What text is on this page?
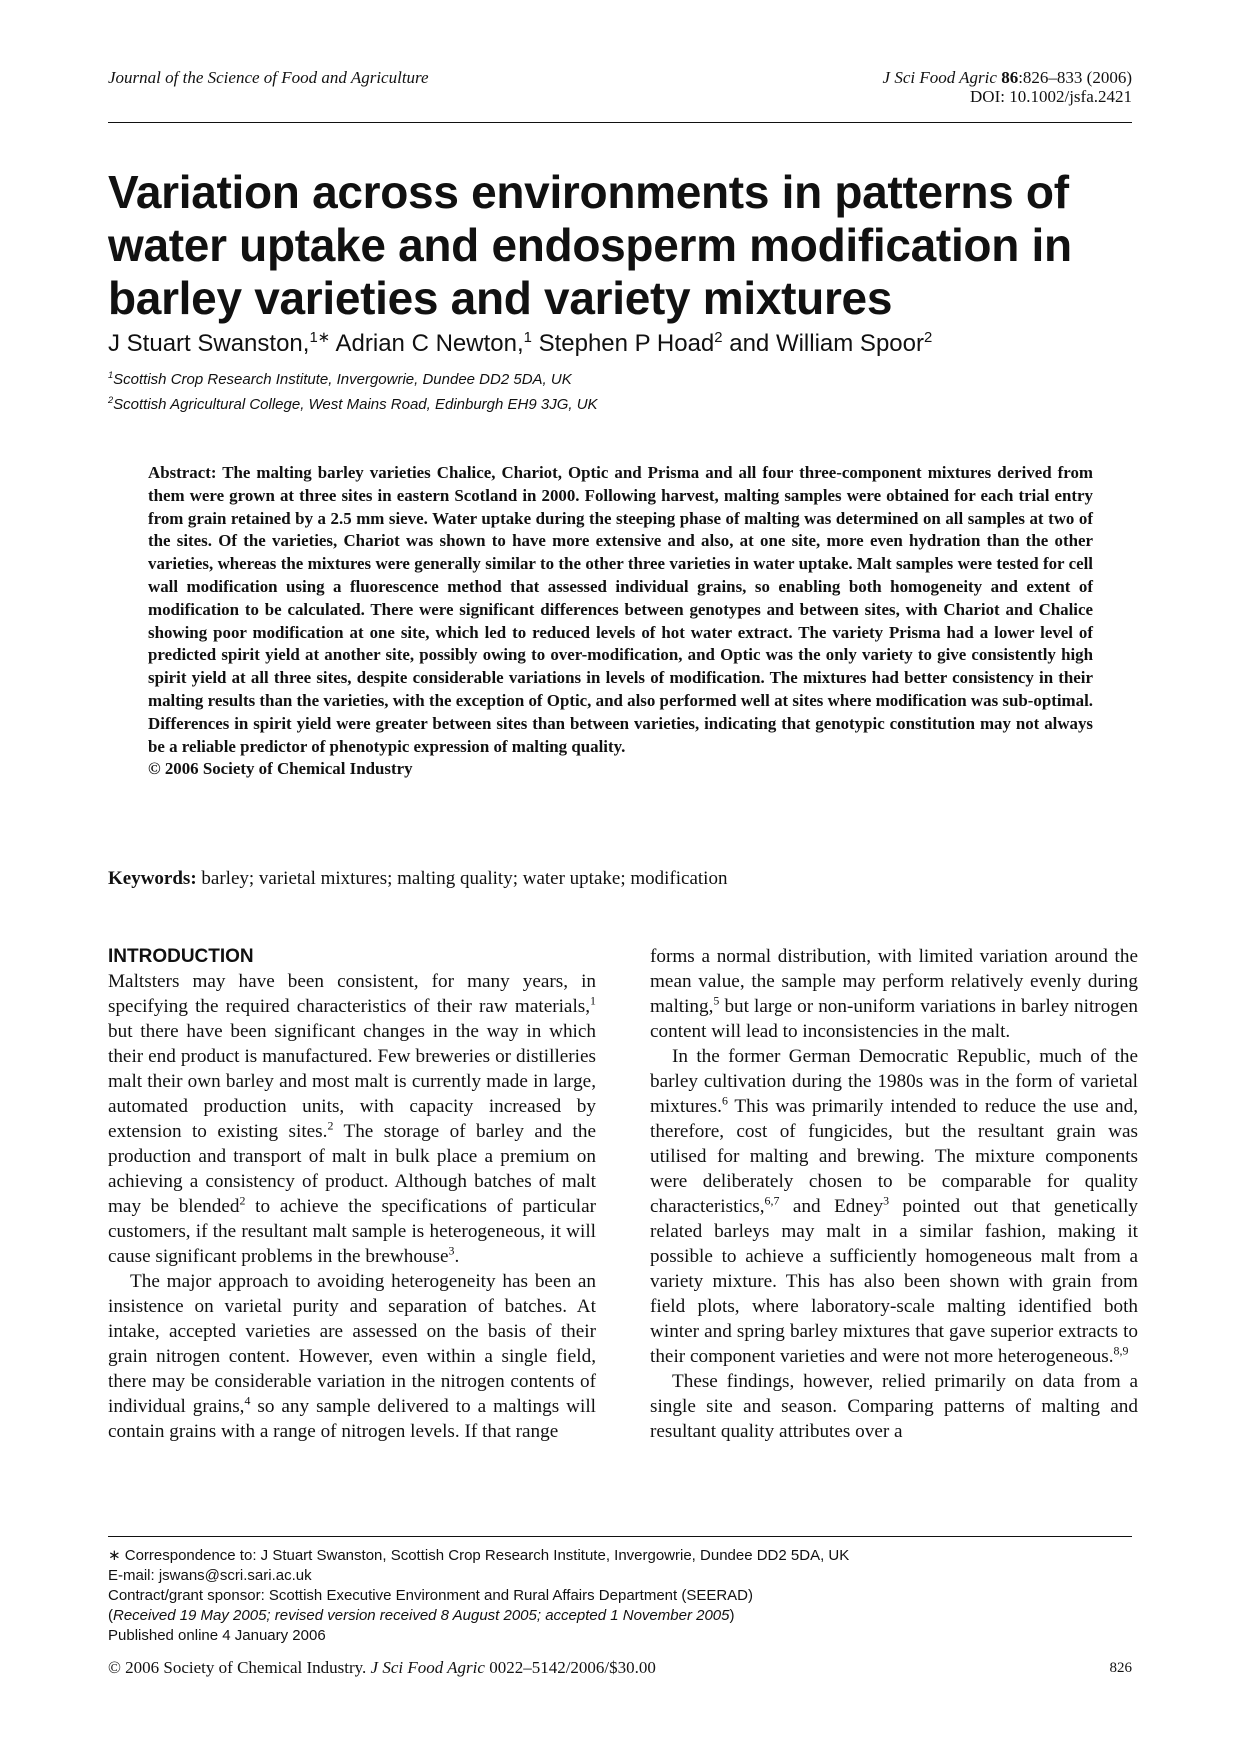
Journal of the Science of Food and Agriculture	J Sci Food Agric 86:826–833 (2006)
DOI: 10.1002/jsfa.2421
Variation across environments in patterns of water uptake and endosperm modification in barley varieties and variety mixtures
J Stuart Swanston,$^{1∗}$ Adrian C Newton,$^1$ Stephen P Hoad$^2$ and William Spoor$^2$
$^1$Scottish Crop Research Institute, Invergowrie, Dundee DD2 5DA, UK
$^2$Scottish Agricultural College, West Mains Road, Edinburgh EH9 3JG, UK
Abstract: The malting barley varieties Chalice, Chariot, Optic and Prisma and all four three-component mixtures derived from them were grown at three sites in eastern Scotland in 2000. Following harvest, malting samples were obtained for each trial entry from grain retained by a 2.5 mm sieve. Water uptake during the steeping phase of malting was determined on all samples at two of the sites. Of the varieties, Chariot was shown to have more extensive and also, at one site, more even hydration than the other varieties, whereas the mixtures were generally similar to the other three varieties in water uptake. Malt samples were tested for cell wall modification using a fluorescence method that assessed individual grains, so enabling both homogeneity and extent of modification to be calculated. There were significant differences between genotypes and between sites, with Chariot and Chalice showing poor modification at one site, which led to reduced levels of hot water extract. The variety Prisma had a lower level of predicted spirit yield at another site, possibly owing to over-modification, and Optic was the only variety to give consistently high spirit yield at all three sites, despite considerable variations in levels of modification. The mixtures had better consistency in their malting results than the varieties, with the exception of Optic, and also performed well at sites where modification was sub-optimal. Differences in spirit yield were greater between sites than between varieties, indicating that genotypic constitution may not always be a reliable predictor of phenotypic expression of malting quality.
© 2006 Society of Chemical Industry
Keywords: barley; varietal mixtures; malting quality; water uptake; modification
INTRODUCTION

Maltsters may have been consistent, for many years, in specifying the required characteristics of their raw materials,$^1$ but there have been significant changes in the way in which their end product is manufactured. Few breweries or distilleries malt their own barley and most malt is currently made in large, automated production units, with capacity increased by extension to existing sites.$^2$ The storage of barley and the production and transport of malt in bulk place a premium on achieving a consistency of product. Although batches of malt may be blended$^2$ to achieve the specifications of particular customers, if the resultant malt sample is heterogeneous, it will cause significant problems in the brewhouse$^3$.

The major approach to avoiding heterogeneity has been an insistence on varietal purity and separation of batches. At intake, accepted varieties are assessed on the basis of their grain nitrogen content. However, even within a single field, there may be considerable variation in the nitrogen contents of individual grains,$^4$ so any sample delivered to a maltings will contain grains with a range of nitrogen levels. If that range

forms a normal distribution, with limited variation around the mean value, the sample may perform relatively evenly during malting,$^5$ but large or non-uniform variations in barley nitrogen content will lead to inconsistencies in the malt.

In the former German Democratic Republic, much of the barley cultivation during the 1980s was in the form of varietal mixtures.$^6$ This was primarily intended to reduce the use and, therefore, cost of fungicides, but the resultant grain was utilised for malting and brewing. The mixture components were deliberately chosen to be comparable for quality characteristics,$^{6,7}$ and Edney$^3$ pointed out that genetically related barleys may malt in a similar fashion, making it possible to achieve a sufficiently homogeneous malt from a variety mixture. This has also been shown with grain from field plots, where laboratory-scale malting identified both winter and spring barley mixtures that gave superior extracts to their component varieties and were not more heterogeneous.$^{8,9}$

These findings, however, relied primarily on data from a single site and season. Comparing patterns of malting and resultant quality attributes over a

∗ Correspondence to: J Stuart Swanston, Scottish Crop Research Institute, Invergowrie, Dundee DD2 5DA, UK
E-mail: jswans@scri.sari.ac.uk
Contract/grant sponsor: Scottish Executive Environment and Rural Affairs Department (SEERAD)
(Received 19 May 2005; revised version received 8 August 2005; accepted 1 November 2005)
Published online 4 January 2006
© 2006 Society of Chemical Industry. J Sci Food Agric 0022–5142/2006/$30.00	826
